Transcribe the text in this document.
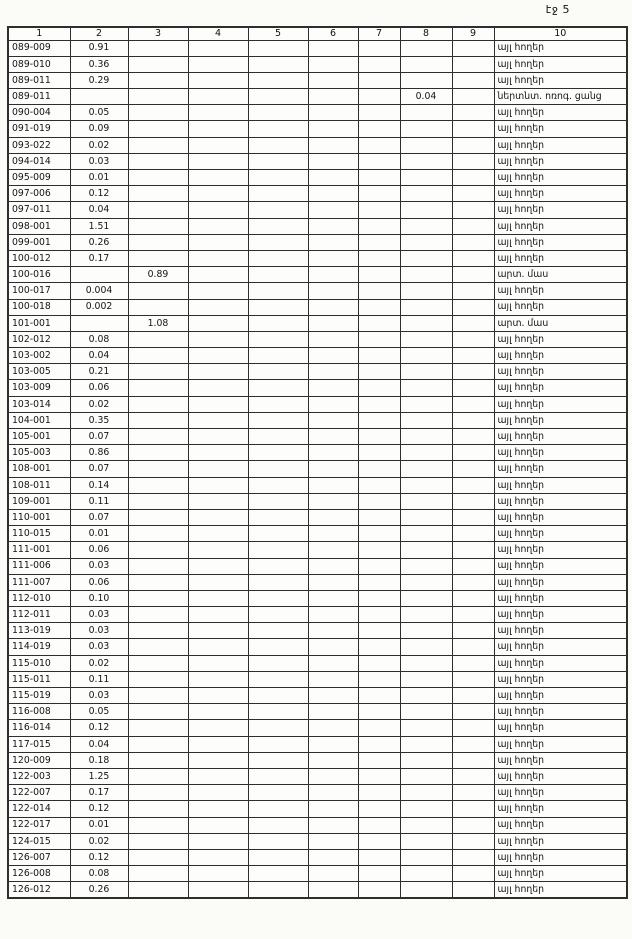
էջ 5
1	2	3	4	5	6	7	8	9	10
089-009	0.91								այլ հողեր
089-010	0.36								այլ հողեր
089-011	0.29								այլ հողեր
089-011							0.04		ներտնտ. ոռոգ. ցանց
090-004	0.05								այլ հողեր
091-019	0.09								այլ հողեր
093-022	0.02								այլ հողեր
094-014	0.03								այլ հողեր
095-009	0.01								այլ հողեր
097-006	0.12								այլ հողեր
097-011	0.04								այլ հողեր
098-001	1.51								այլ հողեր
099-001	0.26								այլ հողեր
100-012	0.17								այլ հողեր
100-016		0.89							արտ. մաս
100-017	0.004								այլ հողեր
100-018	0.002								այլ հողեր
101-001		1.08							արտ. մաս
102-012	0.08								այլ հողեր
103-002	0.04								այլ հողեր
103-005	0.21								այլ հողեր
103-009	0.06								այլ հողեր
103-014	0.02								այլ հողեր
104-001	0.35								այլ հողեր
105-001	0.07								այլ հողեր
105-003	0.86								այլ հողեր
108-001	0.07								այլ հողեր
108-011	0.14								այլ հողեր
109-001	0.11								այլ հողեր
110-001	0.07								այլ հողեր
110-015	0.01								այլ հողեր
111-001	0.06								այլ հողեր
111-006	0.03								այլ հողեր
111-007	0.06								այլ հողեր
112-010	0.10								այլ հողեր
112-011	0.03								այլ հողեր
113-019	0.03								այլ հողեր
114-019	0.03								այլ հողեր
115-010	0.02								այլ հողեր
115-011	0.11								այլ հողեր
115-019	0.03								այլ հողեր
116-008	0.05								այլ հողեր
116-014	0.12								այլ հողեր
117-015	0.04								այլ հողեր
120-009	0.18								այլ հողեր
122-003	1.25								այլ հողեր
122-007	0.17								այլ հողեր
122-014	0.12								այլ հողեր
122-017	0.01								այլ հողեր
124-015	0.02								այլ հողեր
126-007	0.12								այլ հողեր
126-008	0.08								այլ հողեր
126-012	0.26								այլ հողեր
